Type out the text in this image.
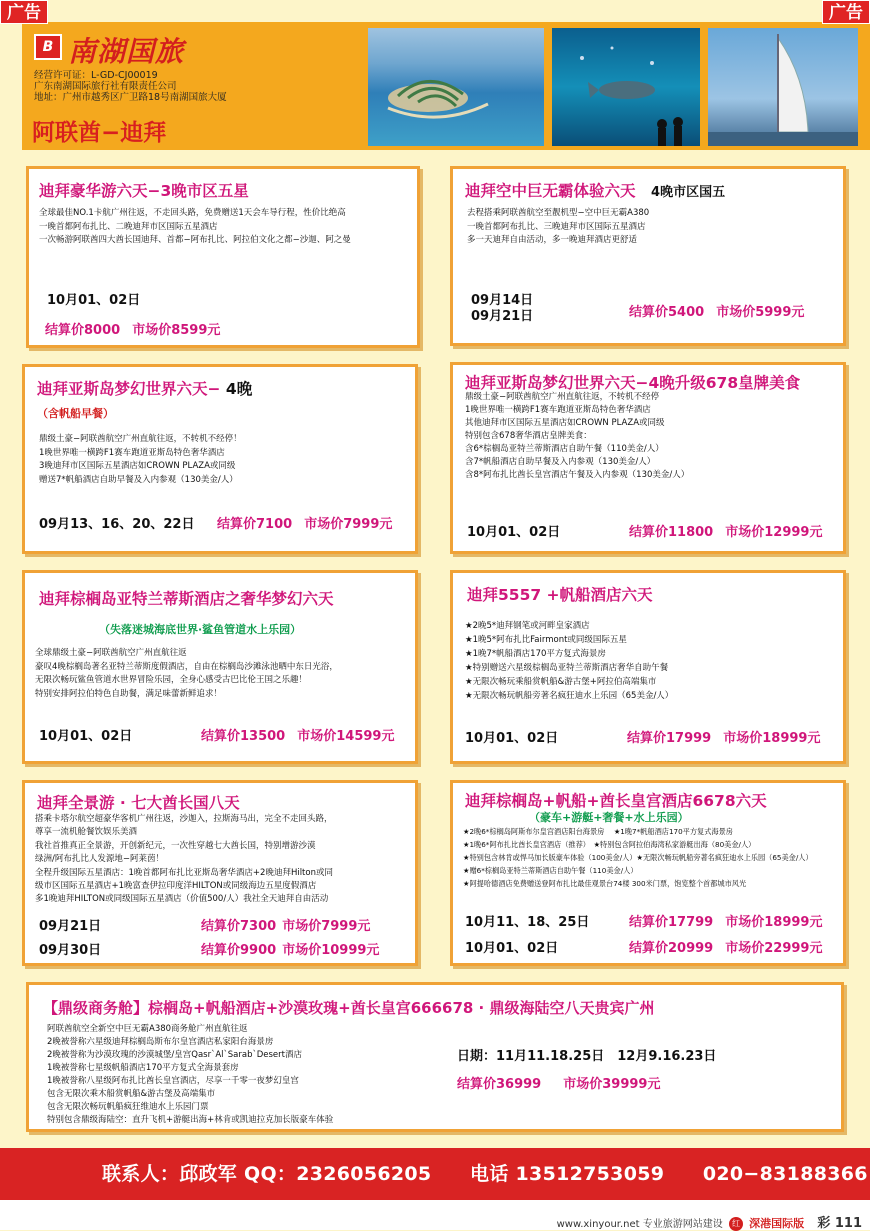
广告	广告
B 南湖国旅
经营许可证：L-GD-CJ00019
广东南湖国际旅行社有限责任公司
地址：广州市越秀区广卫路18号南湖国旅大厦
阿联酋−迪拜
迪拜豪华游六天−3晚市区五星
全球最佳NO.1卡航广州往返，不走回头路，免费赠送1天会车导行程，性价比绝高
一晚首都阿布扎比、二晚迪拜市区国际五星酒店
一次畅游阿联酋四大酋长国迪拜、首都−阿布扎比、阿拉伯文化之都−沙迦、阿之曼
10月01、02日
结算价8000 市场价8599元
迪拜空中巨无霸体验六天　 4晚市区国五
去程搭乘阿联酋航空至靓机型−空中巨无霸A380
一晚首都阿布扎比、三晚迪拜市区国际五星酒店
多一天迪拜自由活动，多一晚迪拜酒店更舒适
09月14日
09月21日	结算价5400 市场价5999元
迪拜亚斯岛梦幻世界六天− 4晚
（含帆船早餐）
鼎级土豪−阿联酋航空广州直航往返，不转机不经停！
1晚世界唯一横跨F1赛车跑道亚斯岛特色奢华酒店
3晚迪拜市区国际五星酒店如CROWN PLAZA或同级
赠送7*帆船酒店自助早餐及入内参观（130美金/人）
09月13、16、20、22日 结算价7100 市场价7999元
迪拜亚斯岛梦幻世界六天−4晚升级678皇牌美食
鼎级土豪−阿联酋航空广州直航往返，不转机不经停
1晚世界唯一横跨F1赛车跑道亚斯岛特色奢华酒店
其他迪拜市区国际五星酒店如CROWN PLAZA或同级
特别包含678奢华酒店皇牌美食：
含6*棕榈岛亚特兰蒂斯酒店自助午餐（110美金/人）
含7*帆船酒店自助早餐及入内参观（130美金/人）
含8*阿布扎比酋长皇宫酒店午餐及入内参观（130美金/人）
10月01、02日	结算价11800 市场价12999元
迪拜棕榈岛亚特兰蒂斯酒店之奢华梦幻六天
（失落迷城海底世界·鲨鱼管道水上乐园）
全球鼎级土豪−阿联酋航空广州直航往返
豪叹4晚棕榈岛著名亚特兰蒂斯度假酒店，自由在棕榈岛沙滩泳池晒中东日光浴，
无限次畅玩鲨鱼管道水世界冒险乐园，全身心感受古巴比伦王国之乐趣！
特别安排阿拉伯特色自助餐，满足味蕾新鲜追求！
10月01、02日	结算价13500 市场价14599元
迪拜5557 +帆船酒店六天
★2晚5*迪拜钢笔或河畔皇家酒店
★1晚5*阿布扎比Fairmont或同级国际五星
★1晚7*帆船酒店170平方复式海景房
★特别赠送六星级棕榈岛亚特兰蒂斯酒店奢华自助午餐
★无限次畅玩乘船赏帆船&游古堡+阿拉伯高端集市
★无限次畅玩帆船旁著名疯狂迪水上乐园（65美金/人）
10月01、02日	结算价17999 市场价18999元
迪拜全景游 · 七大酋长国八天
搭乘卡塔尔航空超豪华客机广州往返，沙迦入，拉斯海马出，完全不走回头路，
尊享一流机舱餐饮娱乐美酒
我社首推真正全景游，开创新纪元，一次性穿越七大酋长国，特别增游沙漠
绿洲/阿布扎比人发源地−阿莱茵！
全程升级国际五星酒店：1晚首都阿布扎比亚斯岛奢华酒店+2晚迪拜Hilton或同
级市区国际五星酒店+1晚富查伊拉印度洋HILTON或同级海边五星度假酒店
多1晚迪拜HILTON或同级国际五星酒店（价值500/人）我社全天迪拜自由活动
09月21日	结算价7300 市场价7999元
09月30日	结算价9900 市场价10999元
迪拜棕榈岛+帆船+酋长皇宫酒店6678六天
（豪车+游艇+奢餐+水上乐园）
★2晚6*棕榈岛阿斯布尔皇宫酒店阳台海景房　 ★1晚7*帆船酒店170平方复式海景房
★1晚6*阿布扎比酋长皇宫酒店（推荐）　★特别包含阿拉伯海湾私家游艇出海（80美金/人）
★特别包含林肯或悍马加长版豪车体验（100美金/人）★无限次畅玩帆船旁著名疯狂迪水上乐园（65美金/人）
★赠6*棕榈岛亚特兰蒂斯酒店自助午餐（110美金/人）
★阿提哈德酒店免费赠送登阿布扎比最佳观景台74楼 300米门票，饱览整个首都城市风光
10月11、18、25日	结算价17799 市场价18999元
10月01、02日	结算价20999 市场价22999元
【鼎级商务舱】棕榈岛+帆船酒店+沙漠玫瑰+酋长皇宫666678 · 鼎级海陆空八天贵宾广州
阿联酋航空全新空中巨无霸A380商务舱广州直航往返
2晚被誉称六星级迪拜棕榈岛斯布尔皇宫酒店私家阳台海景房
2晚被誉称为沙漠玫瑰的沙漠城堡/皇宫Qasr`Al`Sarab`Desert酒店
1晚被誉称七星级帆船酒店170平方复式全海景套房
1晚被誉称八星级阿布扎比酋长皇宫酒店，尽享一千零一夜梦幻皇宫
包含无限次乘木船赏帆船&游古堡及高端集市
包含无限次畅玩帆船疯狂维迪水上乐园门票
特别包含鼎级海陆空：直升飞机+游艇出海+林肯或凯迪拉克加长版豪车体验
日期：11月11.18.25日　12月9.16.23日
结算价36999 市场价39999元
联系人：邱政军 QQ：2326056205　　电话 13512753059　　020−83188366
www.xinyour.net 专业旅游网站建设 红 深港国际版　 彩 111
